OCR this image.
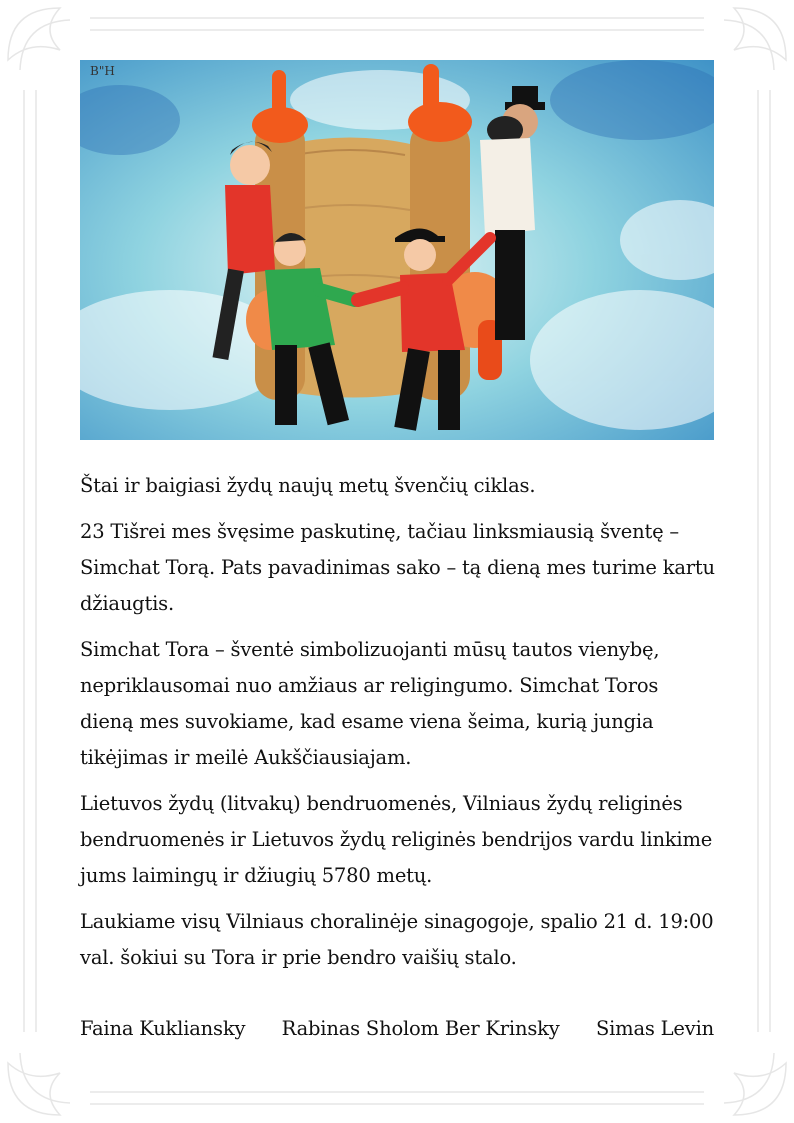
B"H

Štai ir baigiasi žydų naujų metų švenčių ciklas.

23 Tišrei mes švęsime paskutinę, tačiau linksmiausią šventę – Simchat Torą. Pats pavadinimas sako – tą dieną mes turime kartu džiaugtis.

Simchat Tora – šventė simbolizuojanti mūsų tautos vienybę, nepriklausomai nuo amžiaus ar religingumo. Simchat Toros dieną mes suvokiame, kad esame viena šeima, kurią jungia tikėjimas ir meilė Aukščiausiajam.

Lietuvos žydų (litvakų) bendruomenės, Vilniaus žydų religinės bendruomenės ir Lietuvos žydų religinės bendrijos vardu linkime jums laimingų ir džiugių 5780 metų.

Laukiame visų Vilniaus choralinėje sinagogoje, spalio 21 d. 19:00 val. šokiui su Tora ir prie bendro vaišių stalo.

Faina Kukliansky Rabinas Sholom Ber Krinsky Simas Levin
